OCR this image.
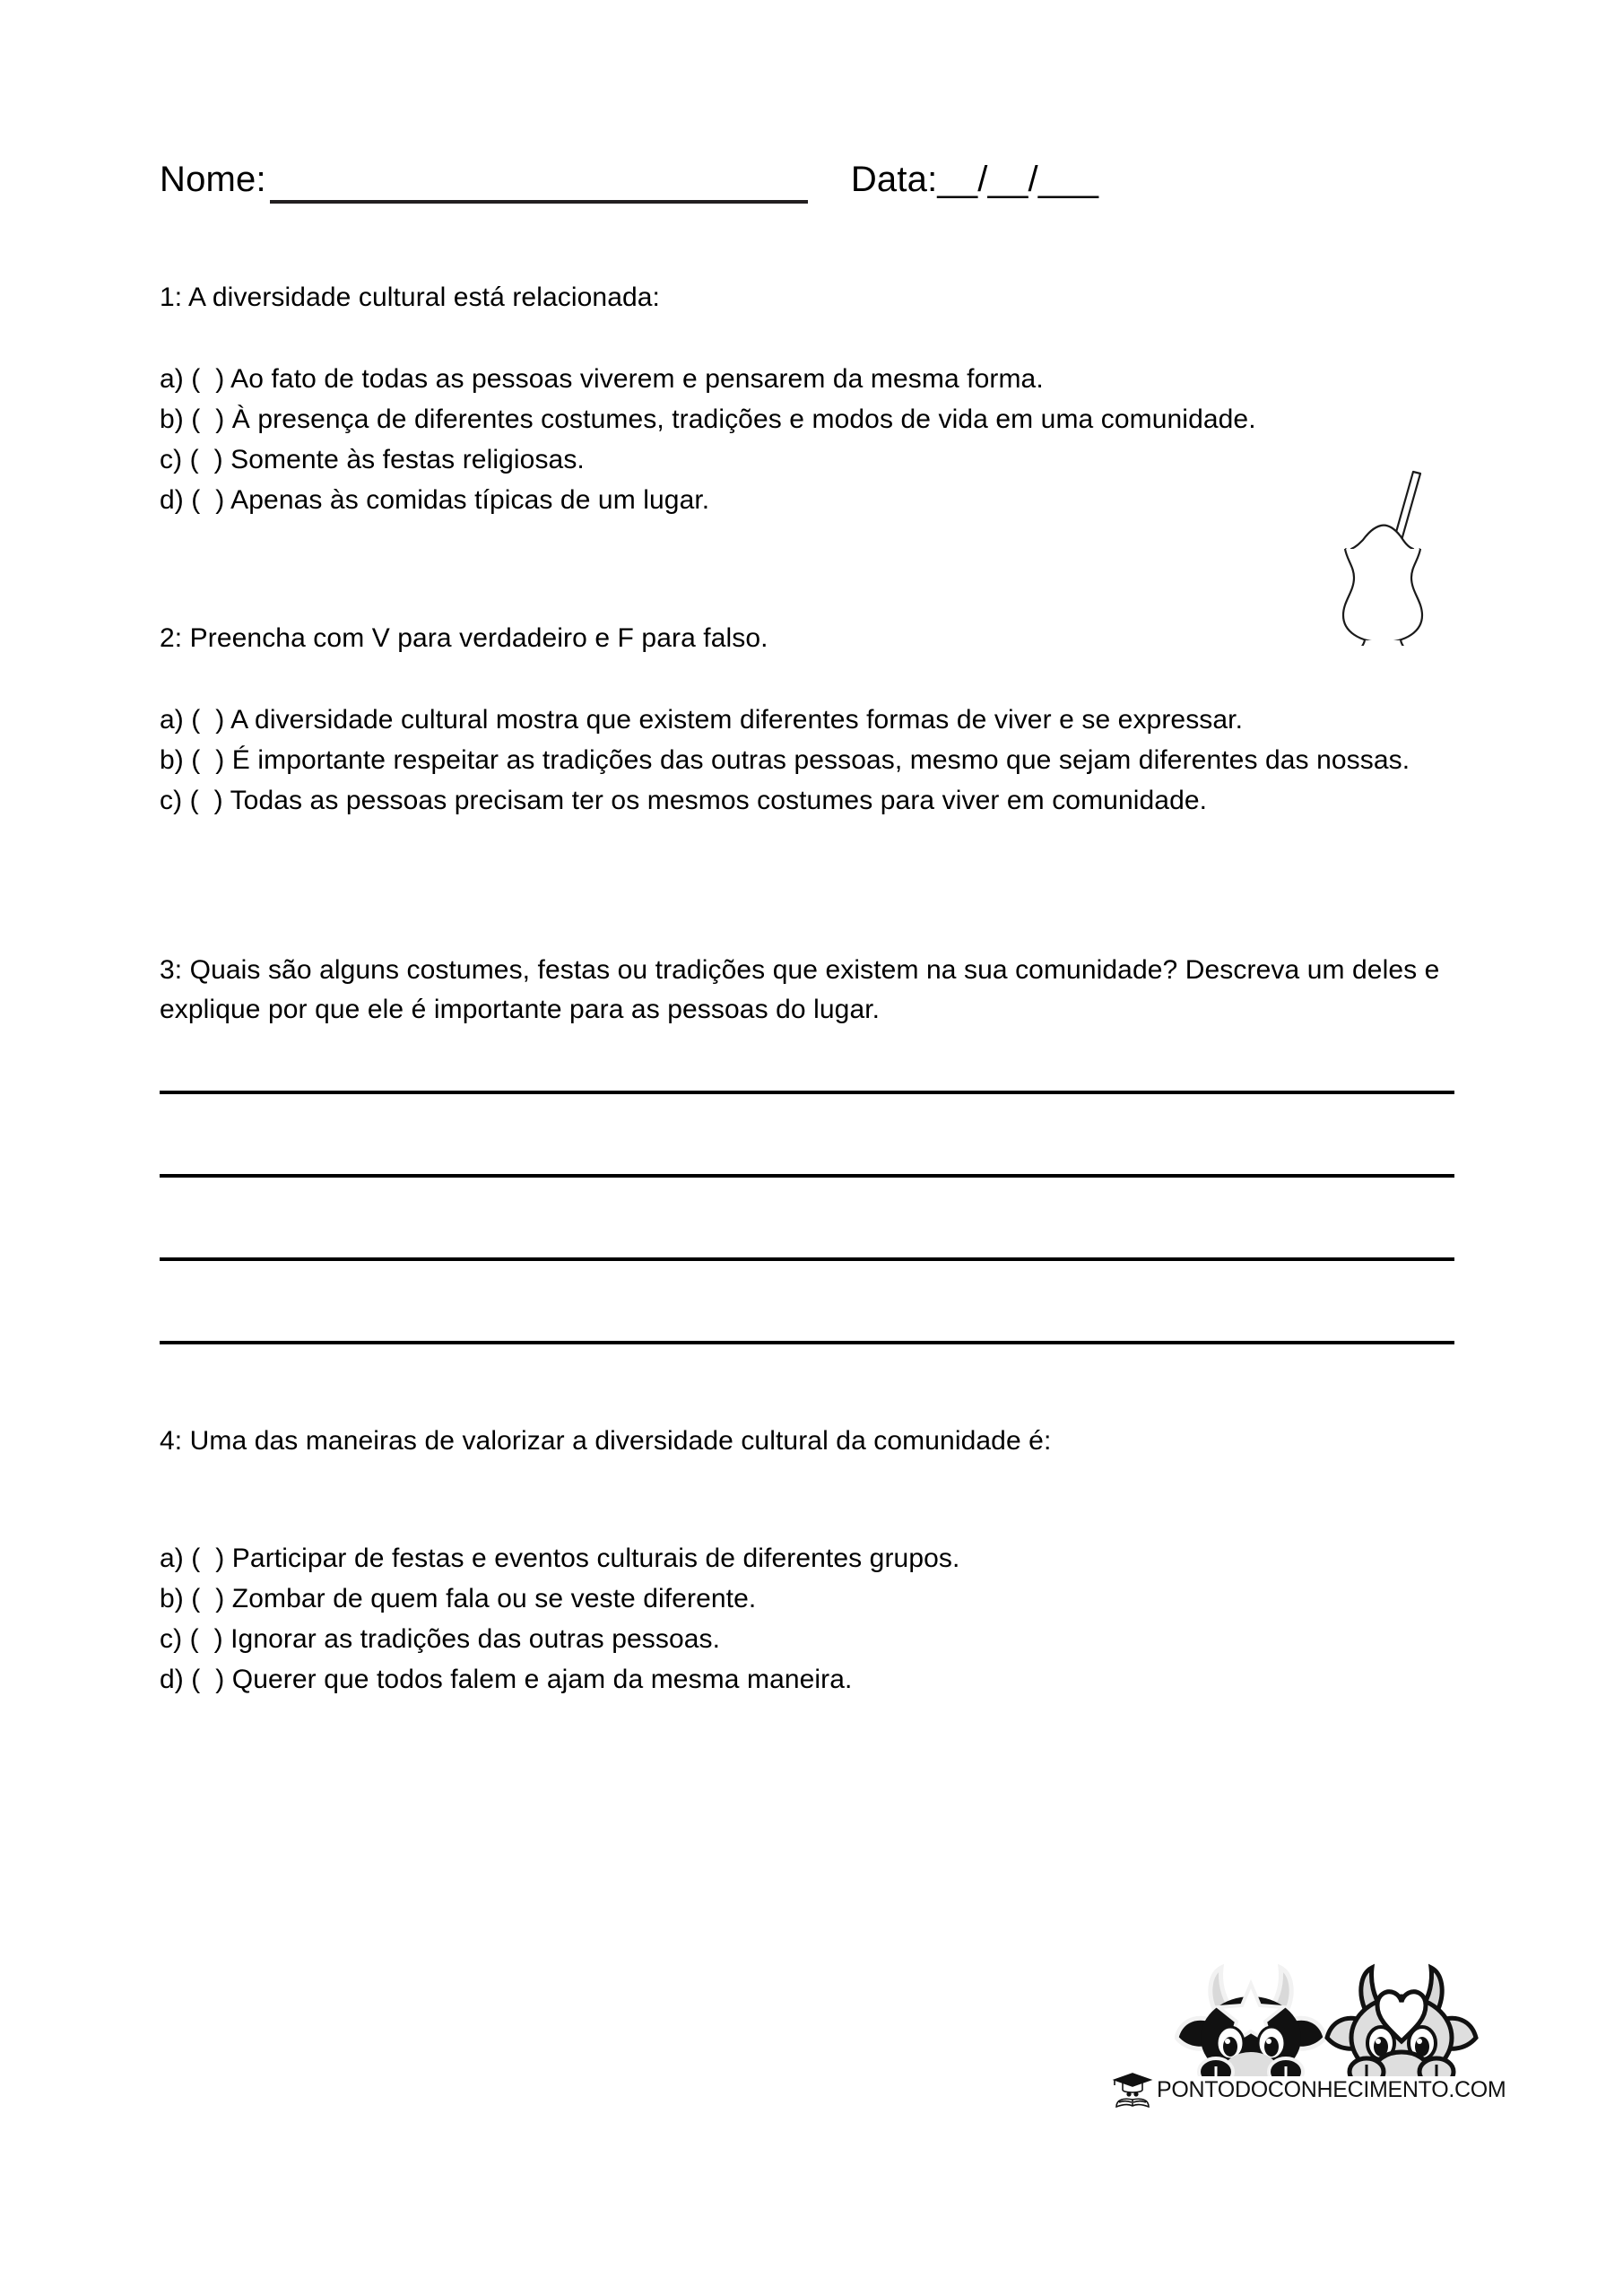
Nome:	Data:__/__/___
1: A diversidade cultural está relacionada:
a) (  ) Ao fato de todas as pessoas viverem e pensarem da mesma forma.
b) (  ) À presença de diferentes costumes, tradições e modos de vida em uma comunidade.
c) (  ) Somente às festas religiosas.
d) (  ) Apenas às comidas típicas de um lugar.
2: Preencha com V para verdadeiro e F para falso.
a) (  ) A diversidade cultural mostra que existem diferentes formas de viver e se expressar.
b) (  ) É importante respeitar as tradições das outras pessoas, mesmo que sejam diferentes das nossas.
c) (  ) Todas as pessoas precisam ter os mesmos costumes para viver em comunidade.
3: Quais são alguns costumes, festas ou tradições que existem na sua comunidade? Descreva um deles e explique por que ele é importante para as pessoas do lugar.
4: Uma das maneiras de valorizar a diversidade cultural da comunidade é:
a) (  ) Participar de festas e eventos culturais de diferentes grupos.
b) (  ) Zombar de quem fala ou se veste diferente.
c) (  ) Ignorar as tradições das outras pessoas.
d) (  ) Querer que todos falem e ajam da mesma maneira.
PONTODOCONHECIMENTO.COM
